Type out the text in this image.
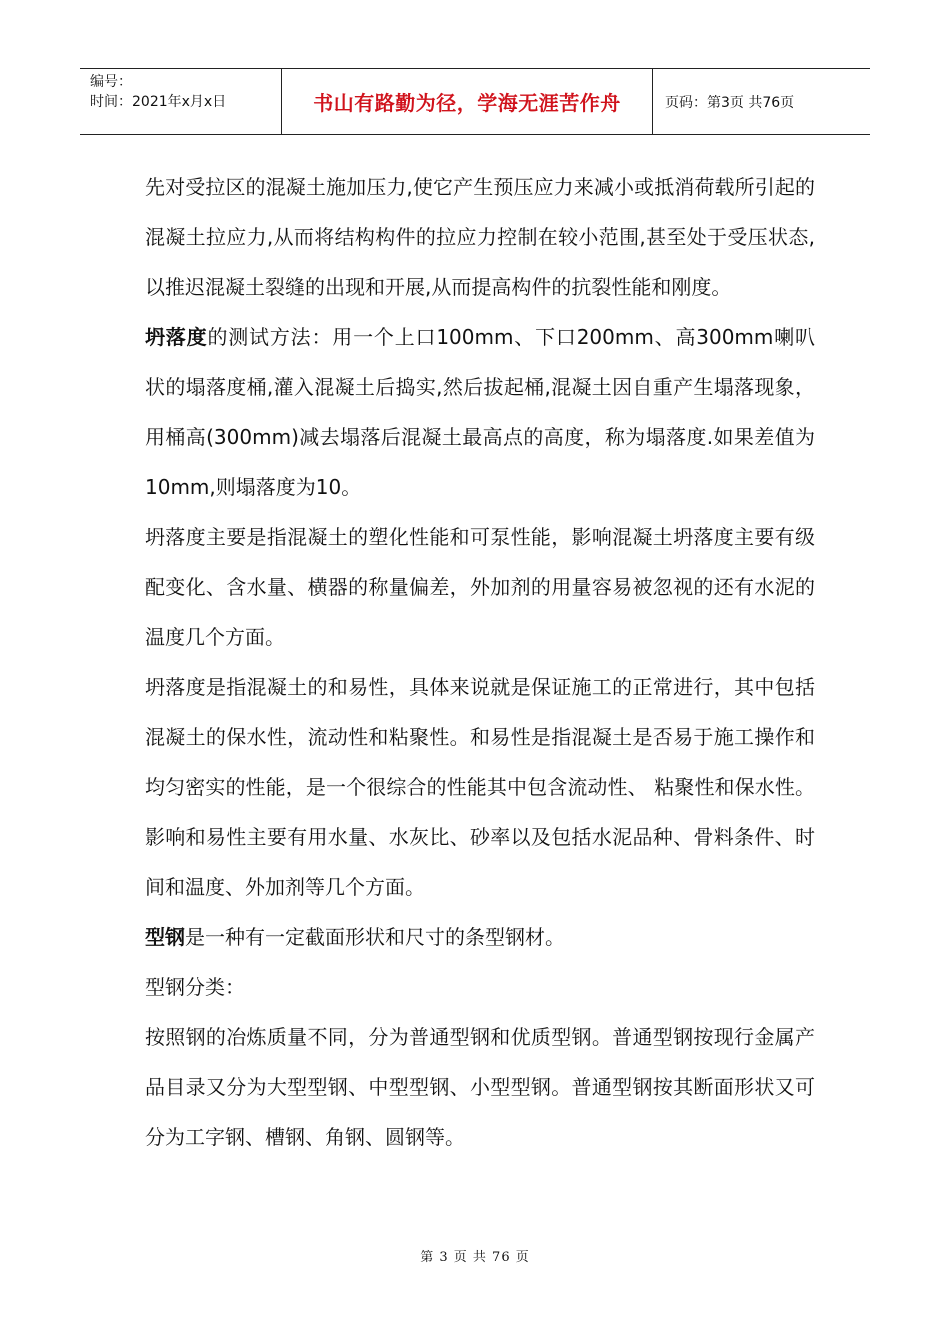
编号：
时间：2021年x月x日	书山有路勤为径，学海无涯苦作舟	页码：第3页 共76页

先对受拉区的混凝土施加压力,使它产生预压应力来减小或抵消荷载所引起的混凝土拉应力,从而将结构构件的拉应力控制在较小范围,甚至处于受压状态,以推迟混凝土裂缝的出现和开展,从而提高构件的抗裂性能和刚度。

坍落度的测试方法：用一个上口100mm、下口200mm、高300mm喇叭状的塌落度桶,灌入混凝土后捣实,然后拔起桶,混凝土因自重产生塌落现象，用桶高(300mm)减去塌落后混凝土最高点的高度，称为塌落度.如果差值为10mm,则塌落度为10。

坍落度主要是指混凝土的塑化性能和可泵性能，影响混凝土坍落度主要有级配变化、含水量、横器的称量偏差，外加剂的用量容易被忽视的还有水泥的温度几个方面。

坍落度是指混凝土的和易性，具体来说就是保证施工的正常进行，其中包括混凝土的保水性，流动性和粘聚性。和易性是指混凝土是否易于施工操作和均匀密实的性能，是一个很综合的性能其中包含流动性、 粘聚性和保水性。影响和易性主要有用水量、水灰比、砂率以及包括水泥品种、骨料条件、时间和温度、外加剂等几个方面。

型钢是一种有一定截面形状和尺寸的条型钢材。

型钢分类：

按照钢的冶炼质量不同，分为普通型钢和优质型钢。普通型钢按现行金属产品目录又分为大型型钢、中型型钢、小型型钢。普通型钢按其断面形状又可分为工字钢、槽钢、角钢、圆钢等。

第 3 页 共 76 页
